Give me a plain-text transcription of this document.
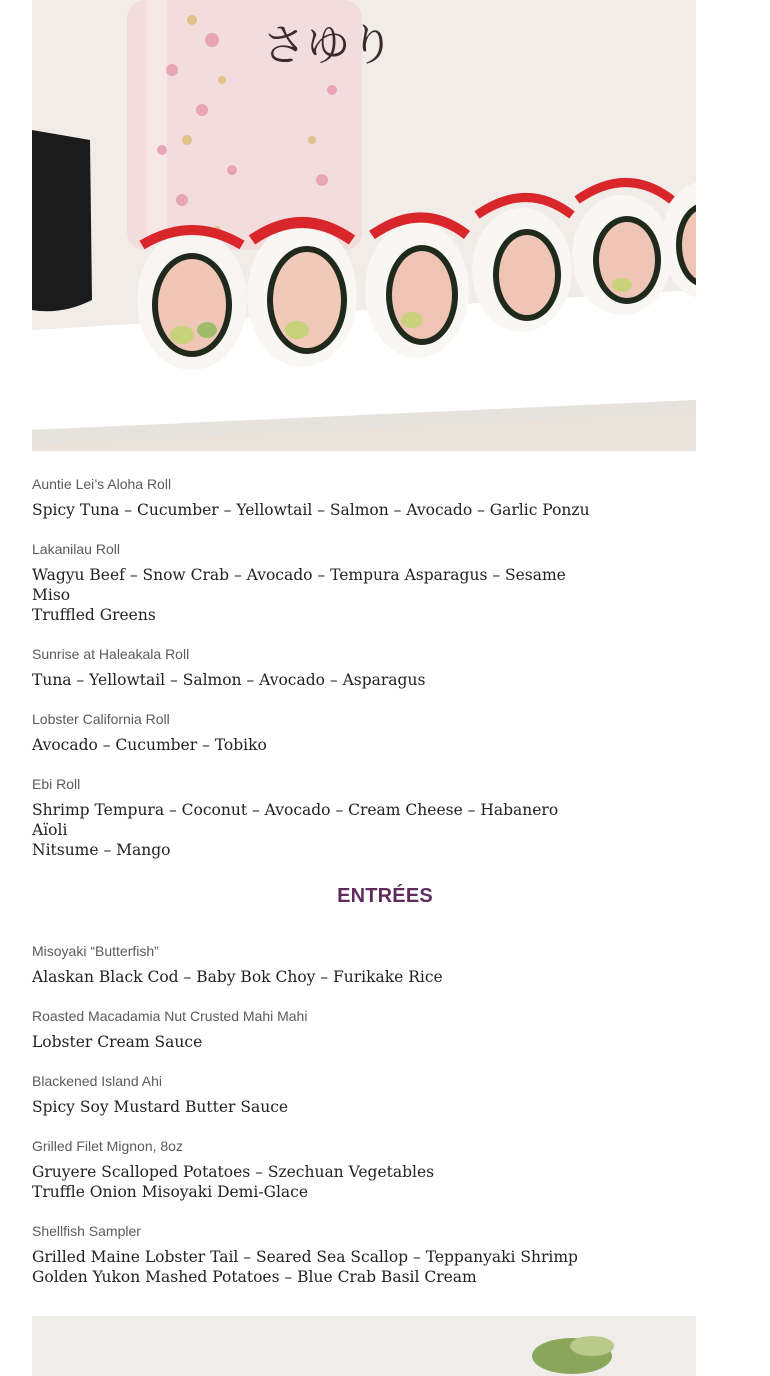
さゆり
Auntie Lei’s Aloha Roll
Spicy Tuna – Cucumber – Yellowtail – Salmon – Avocado – Garlic Ponzu
Lakanilau Roll
Wagyu Beef – Snow Crab – Avocado – Tempura Asparagus – Sesame Miso
Truffled Greens
Sunrise at Haleakala Roll
Tuna – Yellowtail – Salmon – Avocado – Asparagus
Lobster California Roll
Avocado – Cucumber – Tobiko
Ebi Roll
Shrimp Tempura – Coconut – Avocado – Cream Cheese – Habanero Aïoli
Nitsume – Mango
ENTRÉES
Misoyaki “Butterfish”
Alaskan Black Cod – Baby Bok Choy – Furikake Rice
Roasted Macadamia Nut Crusted Mahi Mahi
Lobster Cream Sauce
Blackened Island Ahi
Spicy Soy Mustard Butter Sauce
Grilled Filet Mignon, 8oz
Gruyere Scalloped Potatoes – Szechuan Vegetables
Truffle Onion Misoyaki Demi-Glace
Shellfish Sampler
Grilled Maine Lobster Tail – Seared Sea Scallop – Teppanyaki Shrimp
Golden Yukon Mashed Potatoes – Blue Crab Basil Cream
